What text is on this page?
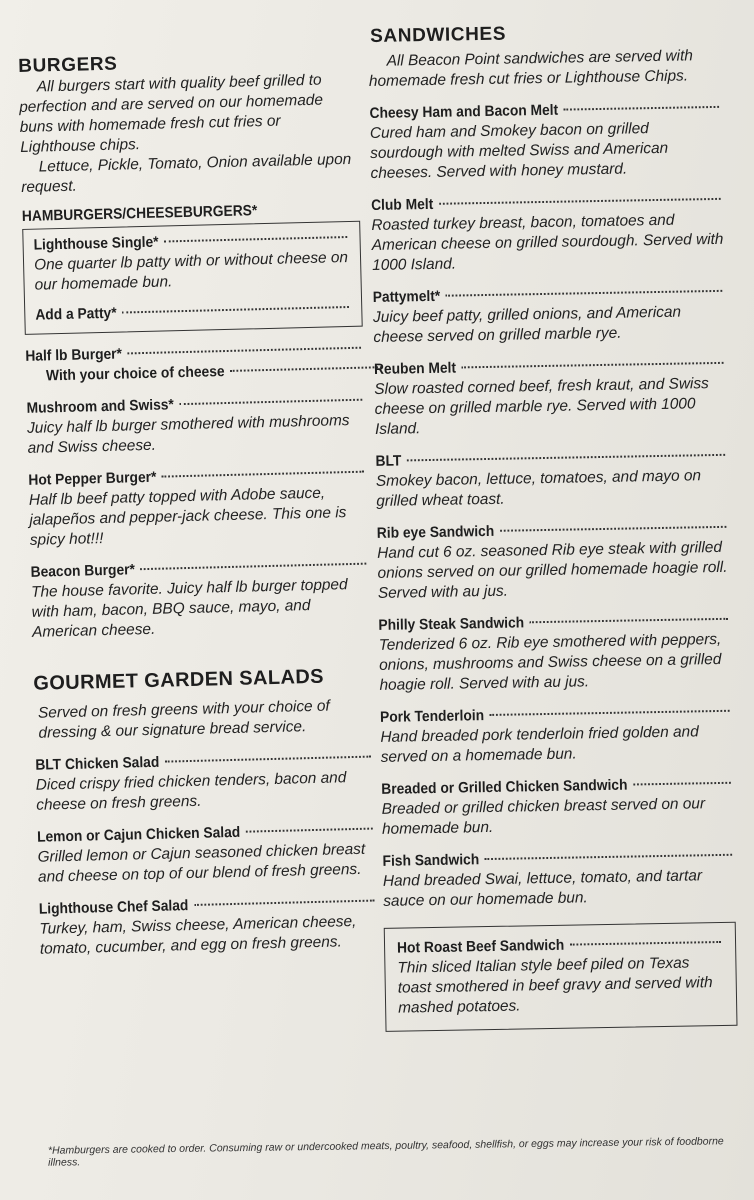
BURGERS

All burgers start with quality beef grilled to perfection and are served on our homemade buns with homemade fresh cut fries or Lighthouse chips.

Lettuce, Pickle, Tomato, Onion available upon request.

HAMBURGERS/CHEESEBURGERS*
Lighthouse Single*

One quarter lb patty with or without cheese on our homemade bun.

Add a Patty*
Half lb Burger*
With your choice of cheese
Mushroom and Swiss*

Juicy half lb burger smothered with mushrooms and Swiss cheese.

Hot Pepper Burger*

Half lb beef patty topped with Adobe sauce, jalapeños and pepper-jack cheese. This one is spicy hot!!!

Beacon Burger*

The house favorite. Juicy half lb burger topped with ham, bacon, BBQ sauce, mayo, and American cheese.

GOURMET GARDEN SALADS

Served on fresh greens with your choice of dressing & our signature bread service.

BLT Chicken Salad

Diced crispy fried chicken tenders, bacon and cheese on fresh greens.

Lemon or Cajun Chicken Salad

Grilled lemon or Cajun seasoned chicken breast and cheese on top of our blend of fresh greens.

Lighthouse Chef Salad

Turkey, ham, Swiss cheese, American cheese, tomato, cucumber, and egg on fresh greens.

SANDWICHES

All Beacon Point sandwiches are served with homemade fresh cut fries or Lighthouse Chips.

Cheesy Ham and Bacon Melt

Cured ham and Smokey bacon on grilled sourdough with melted Swiss and American cheeses. Served with honey mustard.

Club Melt

Roasted turkey breast, bacon, tomatoes and American cheese on grilled sourdough. Served with 1000 Island.

Pattymelt*

Juicy beef patty, grilled onions, and American cheese served on grilled marble rye.

Reuben Melt

Slow roasted corned beef, fresh kraut, and Swiss cheese on grilled marble rye. Served with 1000 Island.

BLT

Smokey bacon, lettuce, tomatoes, and mayo on grilled wheat toast.

Rib eye Sandwich

Hand cut 6 oz. seasoned Rib eye steak with grilled onions served on our grilled homemade hoagie roll. Served with au jus.

Philly Steak Sandwich

Tenderized 6 oz. Rib eye smothered with peppers, onions, mushrooms and Swiss cheese on a grilled hoagie roll. Served with au jus.

Pork Tenderloin

Hand breaded pork tenderloin fried golden and served on a homemade bun.

Breaded or Grilled Chicken Sandwich

Breaded or grilled chicken breast served on our homemade bun.

Fish Sandwich

Hand breaded Swai, lettuce, tomato, and tartar sauce on our homemade bun.

Hot Roast Beef Sandwich

Thin sliced Italian style beef piled on Texas toast smothered in beef gravy and served with mashed potatoes.

*Hamburgers are cooked to order. Consuming raw or undercooked meats, poultry, seafood, shellfish, or eggs may increase your risk of foodborne illness.
